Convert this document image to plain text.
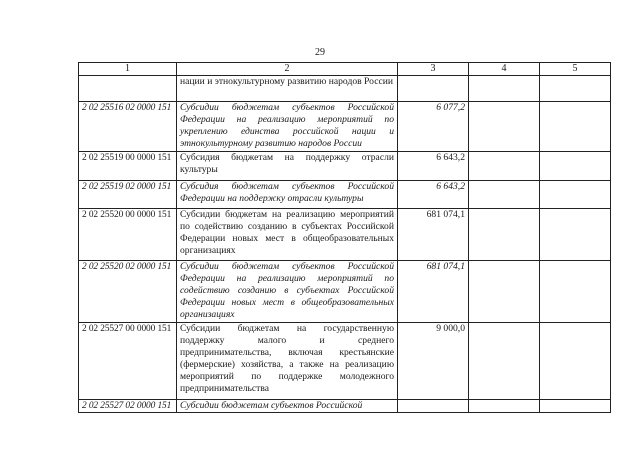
29
1	2	3	4	5
	нации и этнокультурному развитию народов России			
2 02 25516 02 0000 151	Субсидии бюджетам субъектов Российской Федерации на реализацию мероприятий по укреплению единства российской нации и этнокультурному развитию народов России	6 077,2		
2 02 25519 00 0000 151	Субсидия бюджетам на поддержку отрасли культуры	6 643,2		
2 02 25519 02 0000 151	Субсидия бюджетам субъектов Российской Федерации на поддержку отрасли культуры	6 643,2		
2 02 25520 00 0000 151	Субсидии бюджетам на реализацию мероприятий по содействию созданию в субъектах Российской Федерации новых мест в общеобразовательных организациях	681 074,1		
2 02 25520 02 0000 151	Субсидии бюджетам субъектов Российской Федерации на реализацию мероприятий по содействию созданию в субъектах Российской Федерации новых мест в общеобразовательных организациях	681 074,1		
2 02 25527 00 0000 151	Субсидии бюджетам на государственную поддержку малого и среднего предпринимательства, включая крестьянские (фермерские) хозяйства, а также на реализацию мероприятий по поддержке молодежного предпринимательства	9 000,0		
2 02 25527 02 0000 151	Субсидии бюджетам субъектов Российской			
